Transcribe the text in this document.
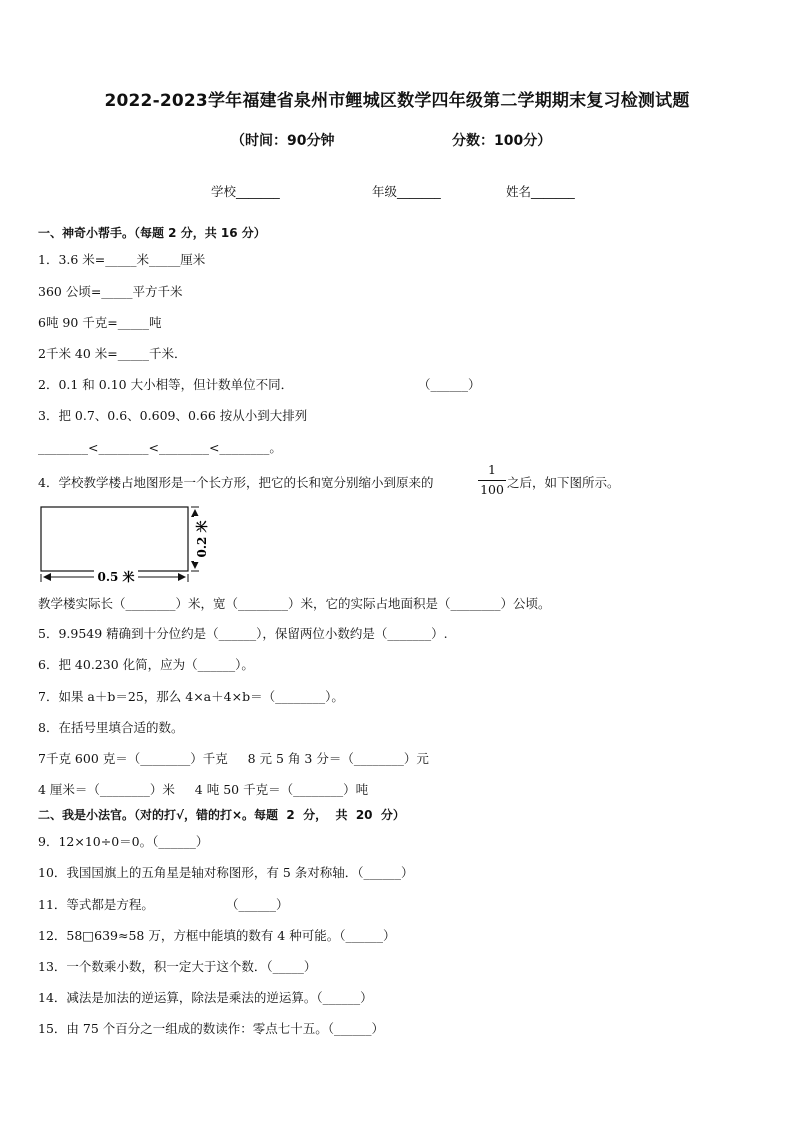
2022-2023学年福建省泉州市鲤城区数学四年级第二学期期末复习检测试题
（时间：90分钟	分数：100分）
学校_______	年级_______	姓名_______
一、神奇小帮手。（每题 2 分，共 16 分）
1．3.6 米=_____米_____厘米
360 公顷=_____平方千米
6吨 90 千克=_____吨
2千米 40 米=_____千米．
2．0.1 和 0.10 大小相等，但计数单位不同．	（______）
3．把 0.7、0.6、0.609、0.66 按从小到大排列
________<________<________<________。
4．学校教学楼占地图形是一个长方形，把它的长和宽分别缩小到原来的
1
100 之后，如下图所示。
0.5 米
0.2 米
教学楼实际长（________）米，宽（________）米，它的实际占地面积是（________）公顷。
5．9.9549 精确到十分位约是（______），保留两位小数约是（_______）.
6．把 40.230 化简，应为（______）。
7．如果 a＋b＝25，那么 4×a＋4×b＝（________）。
8．在括号里填合适的数。
7千克 600 克＝（________）千克     8 元 5 角 3 分＝（________）元
4 厘米＝（________）米     4 吨 50 千克＝（________）吨
二、我是小法官。（对的打√，错的打×。每题  2  分，  共  20  分）
9．12×10÷0＝0。（______）
10．我国国旗上的五角星是轴对称图形，有 5 条对称轴．（______）
11．等式都是方程。	（______）
12．58□639≈58 万，方框中能填的数有 4 种可能。（______）
13．一个数乘小数，积一定大于这个数．（_____）
14．减法是加法的逆运算，除法是乘法的逆运算。（______）
15．由 75 个百分之一组成的数读作：零点七十五。（______）
